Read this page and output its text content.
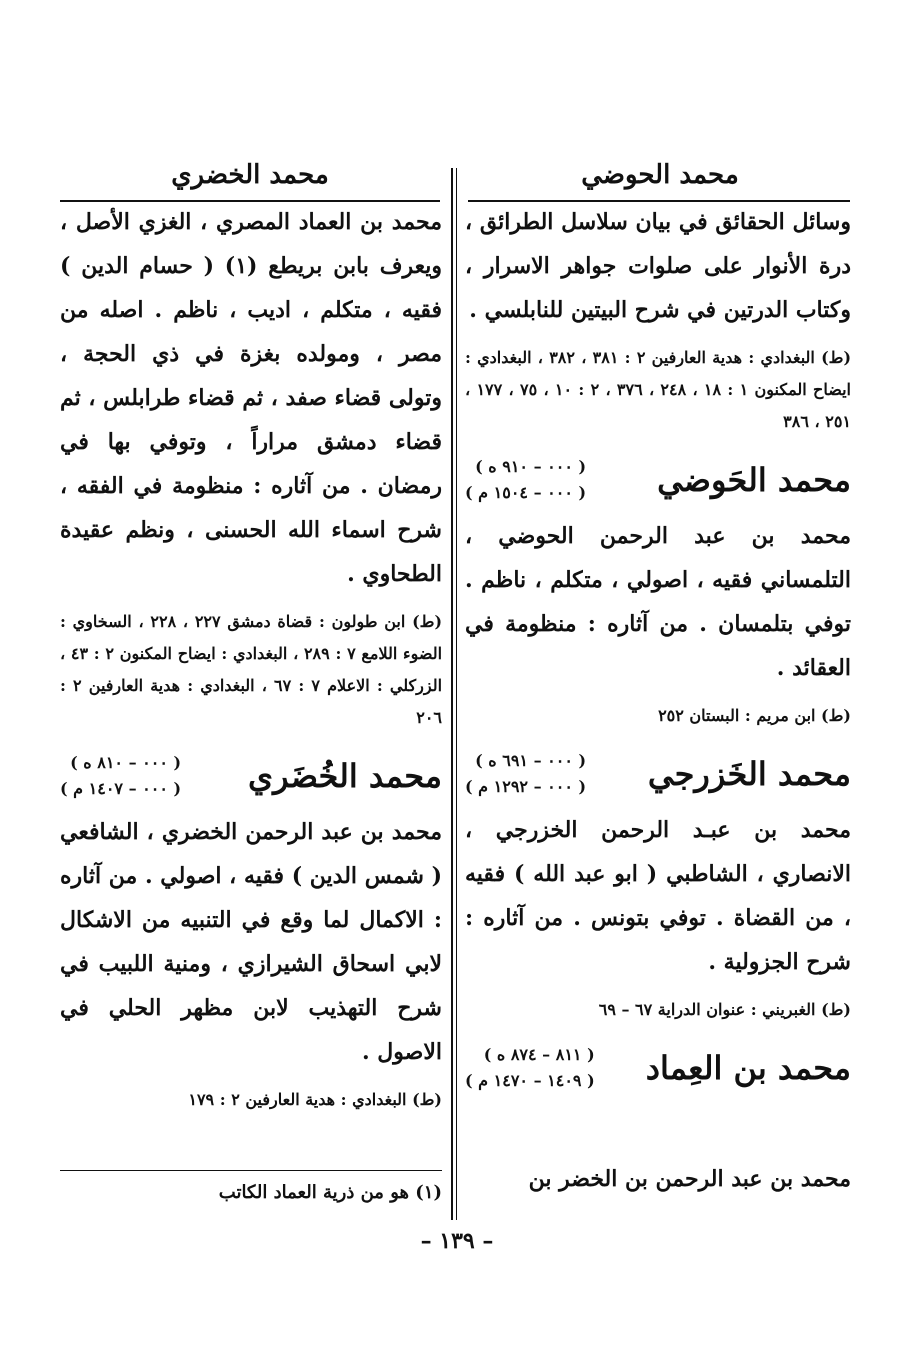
محمد الحوضي
محمد الخضري

وسائل الحقائق في بيان سلاسل الطرائق ، درة الأنوار على صلوات جواهر الاسرار ، وكتاب الدرتين في شرح البيتين للنابلسي .

(ط) البغدادي : هدية العارفين ٢ : ٣٨١ ، ٣٨٢ ، البغدادي : ايضاح المكنون ١ : ١٨ ، ٢٤٨ ، ٣٧٦ ، ٢ : ١٠ ، ٧٥ ، ١٧٧ ، ٢٥١ ، ٣٨٦

محمد الحَوضي
( ٠٠٠ – ٩١٠ ه )
( ٠٠٠ – ١٥٠٤ م )

محمد بن عبد الرحمن الحوضي ، التلمساني فقيه ، اصولي ، متكلم ، ناظم . توفي بتلمسان . من آثاره : منظومة في العقائد .

(ط) ابن مريم : البستان ٢٥٢

محمد الخَزرجي
( ٠٠٠ – ٦٩١ ه )
( ٠٠٠ – ١٢٩٢ م )

محمد بن عبـد الرحمن الخزرجي ، الانصاري ، الشاطبي ( ابو عبد الله ) فقيه ، من القضاة . توفي بتونس . من آثاره : شرح الجزولية .

(ط) الغبريني : عنوان الدراية ٦٧ – ٦٩

محمد بن العِماد
( ٨١١ – ٨٧٤ ه )
( ١٤٠٩ – ١٤٧٠ م )
محمد بن عبد الرحمن بن الخضر بن

محمد بن العماد المصري ، الغزي الأصل ، ويعرف بابن بريطع (١) ( حسام الدين ) فقيه ، متكلم ، اديب ، ناظم . اصله من مصر ، ومولده بغزة في ذي الحجة ، وتولى قضاء صفد ، ثم قضاء طرابلس ، ثم قضاء دمشق مراراً ، وتوفي بها في رمضان . من آثاره : منظومة في الفقه ، شرح اسماء الله الحسنى ، ونظم عقيدة الطحاوي .

(ط) ابن طولون : قضاة دمشق ٢٢٧ ، ٢٢٨ ، السخاوي : الضوء اللامع ٧ : ٢٨٩ ، البغدادي : ايضاح المكنون ٢ : ٤٣ ، الزركلي : الاعلام ٧ : ٦٧ ، البغدادي : هدية العارفين ٢ : ٢٠٦

محمد الخُضَري
( ٠٠٠ – ٨١٠ ه )
( ٠٠٠ – ١٤٠٧ م )

محمد بن عبد الرحمن الخضري ، الشافعي ( شمس الدين ) فقيه ، اصولي . من آثاره : الاكمال لما وقع في التنبيه من الاشكال لابي اسحاق الشيرازي ، ومنية اللبيب في شرح التهذيب لابن مظهر الحلي في الاصول .

(ط) البغدادي : هدية العارفين ٢ : ١٧٩

(١) هو من ذرية العماد الكاتب
– ١٣٩ –
